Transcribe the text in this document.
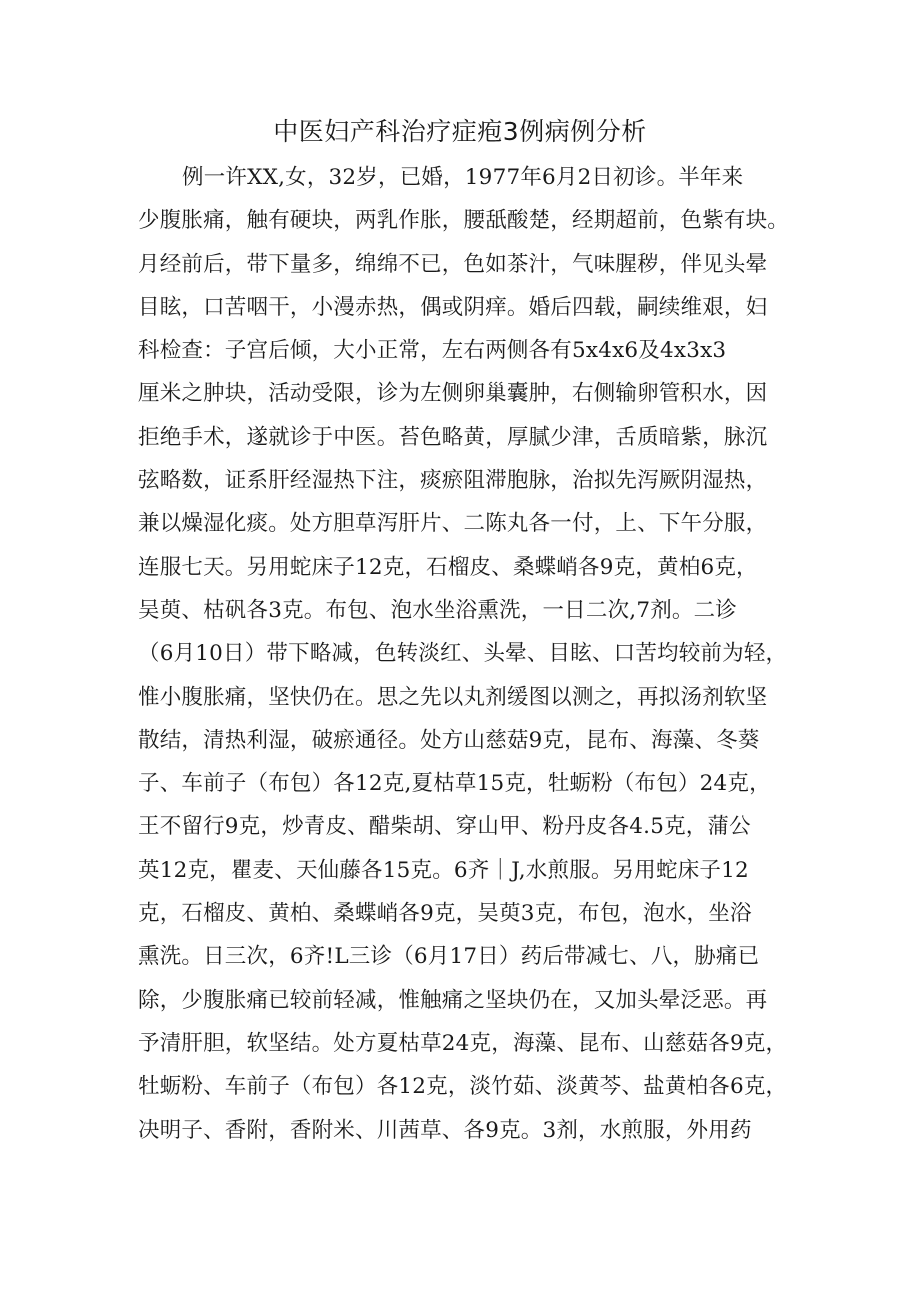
中医妇产科治疗症疱3例病例分析
例一许XX,女，32岁，已婚，1977年6月2日初诊。半年来
少腹胀痛，触有硬块，两乳作胀，腰舐酸楚，经期超前，色紫有块。
月经前后，带下量多，绵绵不已，色如茶汁，气味腥秽，伴见头晕
目眩，口苦咽干，小漫赤热，偶或阴痒。婚后四载，嗣续维艰，妇
科检查：子宫后倾，大小正常，左右两侧各有5x4x6及4x3x3
厘米之肿块，活动受限，诊为左侧卵巢囊肿，右侧输卵管积水，因
拒绝手术，遂就诊于中医。苔色略黄，厚腻少津，舌质暗紫，脉沉
弦略数，证系肝经湿热下注，痰瘀阻滞胞脉，治拟先泻厥阴湿热，
兼以燥湿化痰。处方胆草泻肝片、二陈丸各一付，上、下午分服，
连服七天。另用蛇床子12克，石榴皮、桑蝶峭各9克，黄柏6克，
吴萸、枯矾各3克。布包、泡水坐浴熏洗，一日二次,7剂。二诊
（6月10日）带下略减，色转淡红、头晕、目眩、口苦均较前为轻，
惟小腹胀痛，坚快仍在。思之先以丸剂缓图以测之，再拟汤剂软坚
散结，清热利湿，破瘀通径。处方山慈菇9克，昆布、海藻、冬葵
子、车前子（布包）各12克,夏枯草15克，牡蛎粉（布包）24克，
王不留行9克，炒青皮、醋柴胡、穿山甲、粉丹皮各4.5克，蒲公
英12克，瞿麦、天仙藤各15克。6齐｜J,水煎服。另用蛇床子12
克，石榴皮、黄柏、桑蝶峭各9克，吴萸3克，布包，泡水，坐浴
熏洗。日三次，6齐!L三诊（6月17日）药后带减七、八，胁痛已
除，少腹胀痛已较前轻减，惟触痛之坚块仍在，又加头晕泛恶。再
予清肝胆，软坚结。处方夏枯草24克，海藻、昆布、山慈菇各9克，
牡蛎粉、车前子（布包）各12克，淡竹茹、淡黄芩、盐黄柏各6克，
决明子、香附，香附米、川茜草、各9克。3剂，水煎服，外用药
